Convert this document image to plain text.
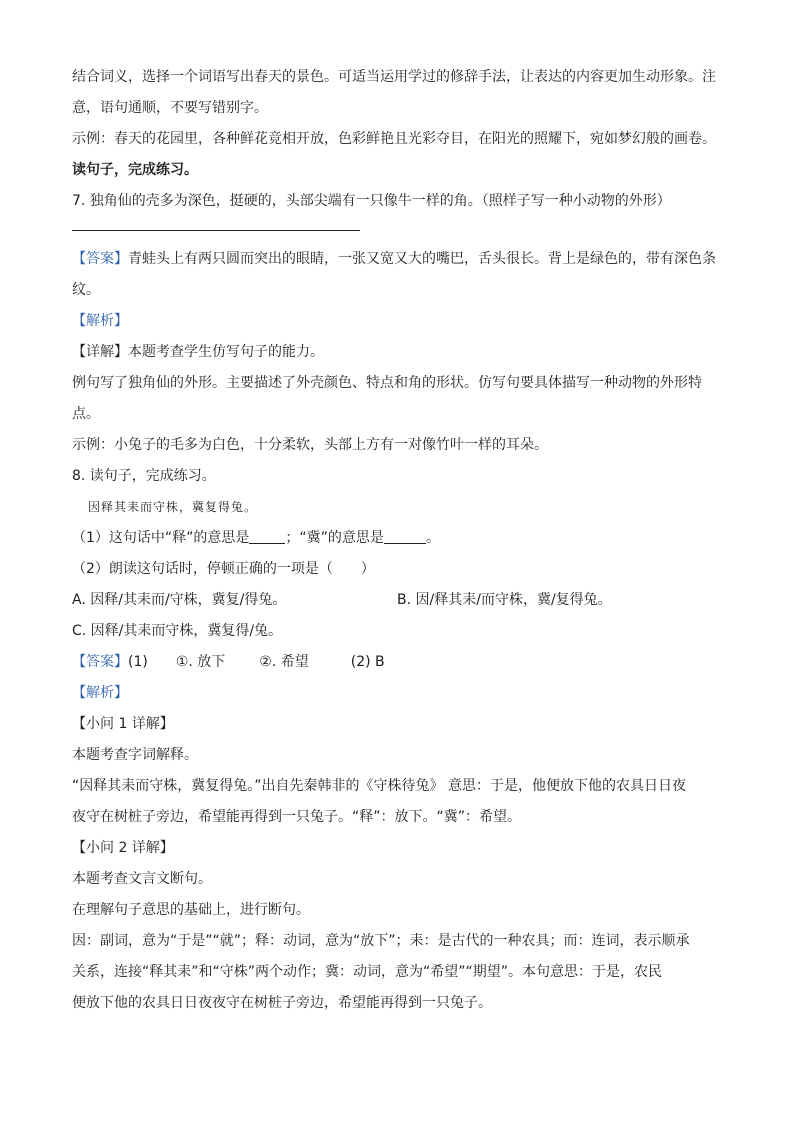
结合词义，选择一个词语写出春天的景色。可适当运用学过的修辞手法，让表达的内容更加生动形象。注
意，语句通顺，不要写错别字。
示例：春天的花园里，各种鲜花竞相开放，色彩鲜艳且光彩夺目，在阳光的照耀下，宛如梦幻般的画卷。
读句子，完成练习。
7. 独角仙的壳多为深色，挺硬的，头部尖端有一只像牛一样的角。（照样子写一种小动物的外形）
【答案】青蛙头上有两只圆而突出的眼睛，一张又宽又大的嘴巴，舌头很长。背上是绿色的，带有深色条
纹。
【解析】
【详解】本题考查学生仿写句子的能力。
例句写了独角仙的外形。主要描述了外壳颜色、特点和角的形状。仿写句要具体描写一种动物的外形特
点。
示例：小兔子的毛多为白色，十分柔软，头部上方有一对像竹叶一样的耳朵。
8. 读句子，完成练习。
因释其耒而守株，冀复得兔。
（1）这句话中“释”的意思是	；“冀”的意思是	。
（2）朗读这句话时，停顿正确的一项是（　　）
A. 因释/其耒而/守株，冀复/得兔。	B. 因/释其耒/而守株，冀/复得兔。
C. 因释/其耒而守株，冀复得/兔。
【答案】(1) ①. 放下 ②. 希望	(2) B
【解析】
【小问 1 详解】
本题考查字词解释。
“因释其耒而守株，冀复得兔。”出自先秦韩非的《守株待兔》 意思：于是，他便放下他的农具日日夜
夜守在树桩子旁边，希望能再得到一只兔子。“释”：放下。“冀”：希望。
【小问 2 详解】
本题考查文言文断句。
在理解句子意思的基础上，进行断句。
因：副词，意为“于是”“就”；释：动词，意为“放下”；耒：是古代的一种农具；而：连词，表示顺承
关系，连接“释其耒”和“守株”两个动作；冀：动词，意为“希望”“期望”。本句意思：于是，农民
便放下他的农具日日夜夜守在树桩子旁边，希望能再得到一只兔子。
